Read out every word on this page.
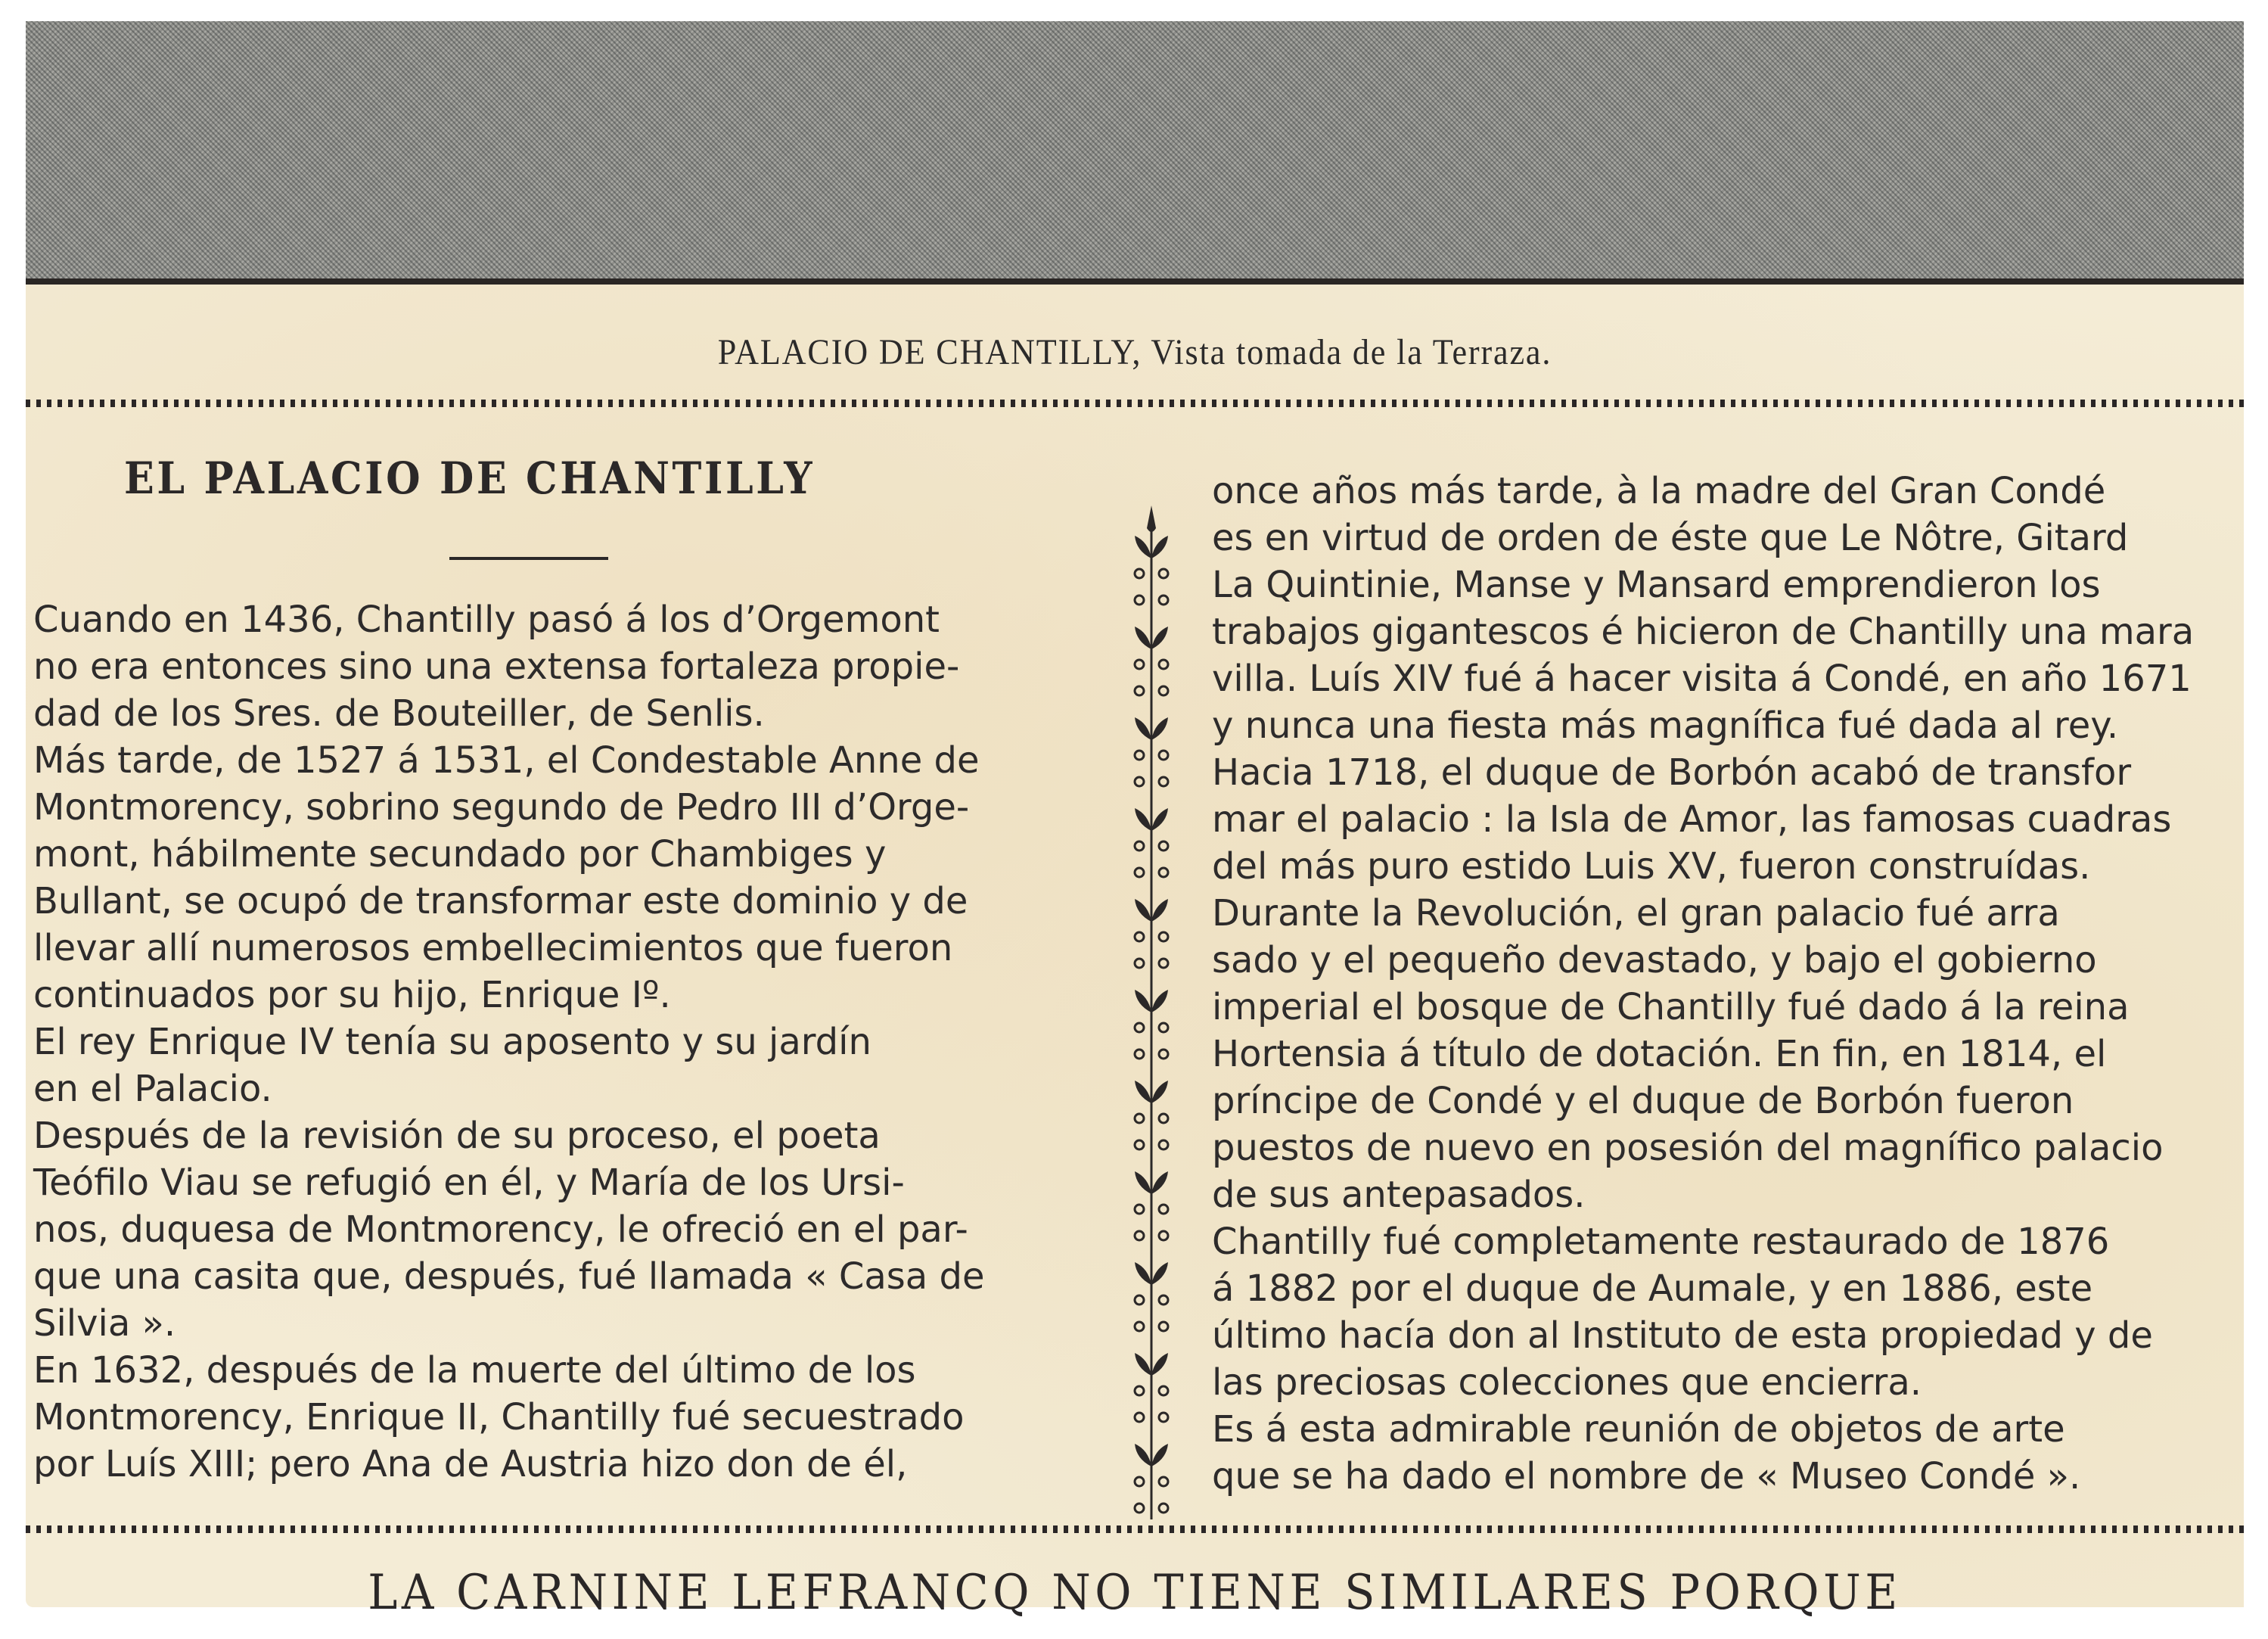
PALACIO DE CHANTILLY, Vista tomada de la Terraza.
EL PALACIO DE CHANTILLY
Cuando en 1436, Chantilly pasó á los d’Orgemont
no era entonces sino una extensa fortaleza propie-
dad de los Sres. de Bouteiller, de Senlis.
Más tarde, de 1527 á 1531, el Condestable Anne de
Montmorency, sobrino segundo de Pedro III d’Orge-
mont, hábilmente secundado por Chambiges y
Bullant, se ocupó de transformar este dominio y de
llevar allí numerosos embellecimientos que fueron
continuados por su hijo, Enrique Iº.
El rey Enrique IV tenía su aposento y su jardín
en el Palacio.
Después de la revisión de su proceso, el poeta
Teófilo Viau se refugió en él, y María de los Ursi-
nos, duquesa de Montmorency, le ofreció en el par-
que una casita que, después, fué llamada « Casa de
Silvia ».
En 1632, después de la muerte del último de los
Montmorency, Enrique II, Chantilly fué secuestrado
por Luís XIII; pero Ana de Austria hizo don de él,
once años más tarde, à la madre del Gran Condé
es en virtud de orden de éste que Le Nôtre, Gitard
La Quintinie, Manse y Mansard emprendieron los
trabajos gigantescos é hicieron de Chantilly una mara
villa. Luís XIV fué á hacer visita á Condé, en año 1671
y nunca una fiesta más magnífica fué dada al rey.
Hacia 1718, el duque de Borbón acabó de transfor
mar el palacio : la Isla de Amor, las famosas cuadras
del más puro estido Luis XV, fueron construídas.
Durante la Revolución, el gran palacio fué arra
sado y el pequeño devastado, y bajo el gobierno
imperial el bosque de Chantilly fué dado á la reina
Hortensia á título de dotación. En fin, en 1814, el
príncipe de Condé y el duque de Borbón fueron
puestos de nuevo en posesión del magnífico palacio
de sus antepasados.
Chantilly fué completamente restaurado de 1876
á 1882 por el duque de Aumale, y en 1886, este
último hacía don al Instituto de esta propiedad y de
las preciosas colecciones que encierra.
Es á esta admirable reunión de objetos de arte
que se ha dado el nombre de « Museo Condé ».
LA CARNINE LEFRANCQ NO TIENE SIMILARES PORQUE
